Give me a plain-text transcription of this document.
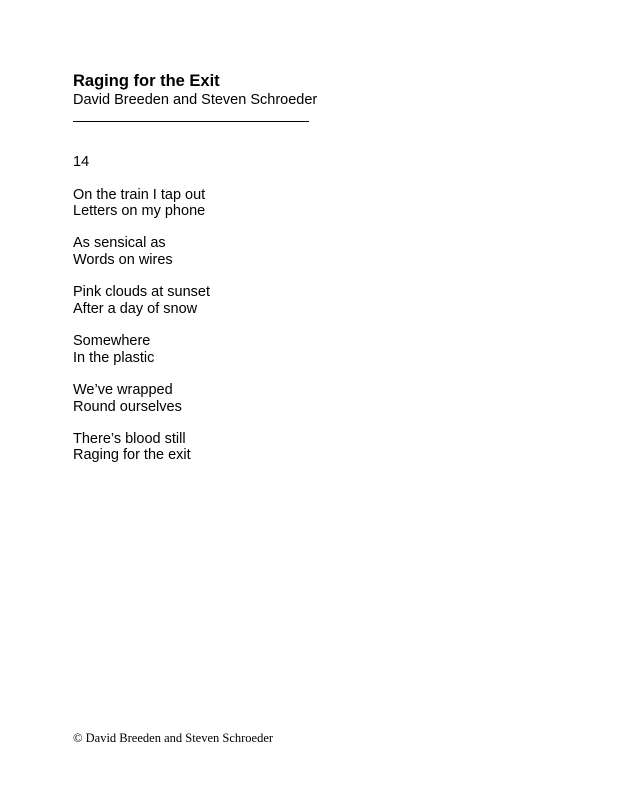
Raging for the Exit

David Breeden and Steven Schroeder

14
On the train I tap out
Letters on my phone
As sensical as
Words on wires
Pink clouds at sunset
After a day of snow
Somewhere
In the plastic
We’ve wrapped
Round ourselves
There’s blood still
Raging for the exit
© David Breeden and Steven Schroeder
